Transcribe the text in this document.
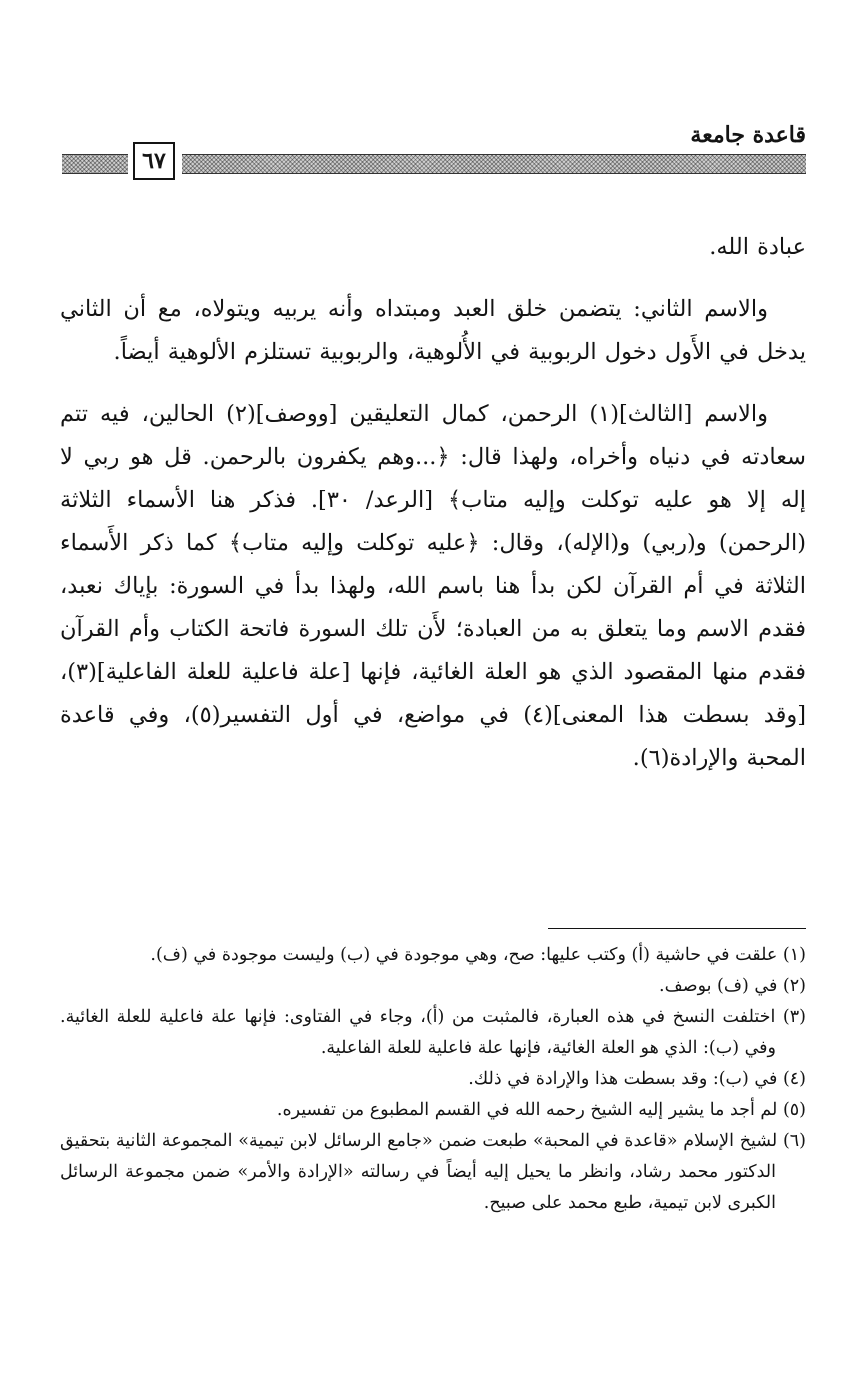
قاعدة جامعة
٦٧

عبادة الله.

والاسم الثاني: يتضمن خلق العبد ومبتداه وأنه يربيه ويتولاه، مع أن الثاني يدخل في الأَول دخول الربوبية في الأُلوهية، والربوبية تستلزم الألوهية أيضاً.

والاسم [الثالث](١) الرحمن، كمال التعليقين [ووصف](٢) الحالين، فيه تتم سعادته في دنياه وأخراه، ولهذا قال: ﴿...وهم يكفرون بالرحمن. قل هو ربي لا إله إلا هو عليه توكلت وإليه متاب﴾ [الرعد/ ٣٠]. فذكر هنا الأسماء الثلاثة (الرحمن) و(ربي) و(الإله)، وقال: ﴿عليه توكلت وإليه متاب﴾ كما ذكر الأَسماء الثلاثة في أم القرآن لكن بدأ هنا باسم الله، ولهذا بدأ في السورة: بإياك نعبد، فقدم الاسم وما يتعلق به من العبادة؛ لأَن تلك السورة فاتحة الكتاب وأم القرآن فقدم منها المقصود الذي هو العلة الغائية، فإنها [علة فاعلية للعلة الفاعلية](٣)، [وقد بسطت هذا المعنى](٤) في مواضع، في أول التفسير(٥)، وفي قاعدة المحبة والإرادة(٦).

(١) علقت في حاشية (أ) وكتب عليها: صح، وهي موجودة في (ب) وليست موجودة في (ف).

(٢) في (ف) بوصف.

(٣) اختلفت النسخ في هذه العبارة، فالمثبت من (أ)، وجاء في الفتاوى: فإنها علة فاعلية للعلة الغائية. وفي (ب): الذي هو العلة الغائية، فإنها علة فاعلية للعلة الفاعلية.

(٤) في (ب): وقد بسطت هذا والإرادة في ذلك.

(٥) لم أجد ما يشير إليه الشيخ رحمه الله في القسم المطبوع من تفسيره.

(٦) لشيخ الإسلام «قاعدة في المحبة» طبعت ضمن «جامع الرسائل لابن تيمية» المجموعة الثانية بتحقيق الدكتور محمد رشاد، وانظر ما يحيل إليه أيضاً في رسالته «الإرادة والأمر» ضمن مجموعة الرسائل الكبرى لابن تيمية، طبع محمد على صبيح.
